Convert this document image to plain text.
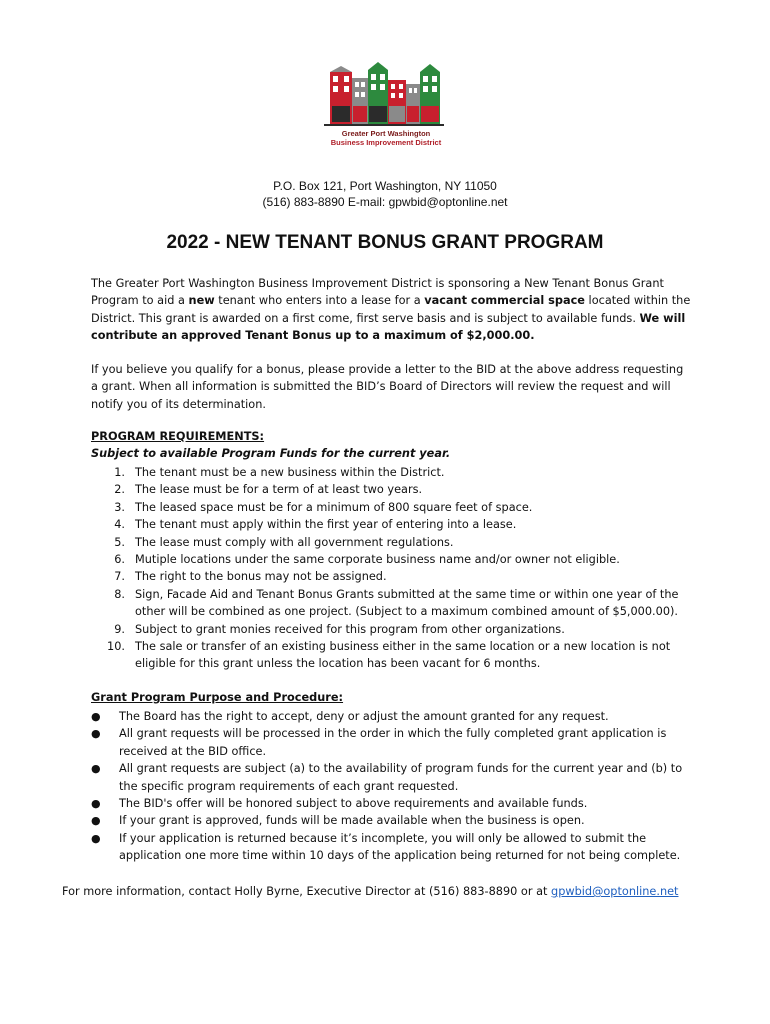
Greater Port Washington
Business Improvement District
P.O. Box 121, Port Washington, NY 11050
(516) 883-8890 E-mail: gpwbid@optonline.net
2022 - NEW TENANT BONUS GRANT PROGRAM
The Greater Port Washington Business Improvement District is sponsoring a New Tenant Bonus Grant
Program to aid a new tenant who enters into a lease for a vacant commercial space located within the
District. This grant is awarded on a first come, first serve basis and is subject to available funds. We will
contribute an approved Tenant Bonus up to a maximum of $2,000.00.
If you believe you qualify for a bonus, please provide a letter to the BID at the above address requesting
a grant. When all information is submitted the BID’s Board of Directors will review the request and will
notify you of its determination.
PROGRAM REQUIREMENTS:
Subject to available Program Funds for the current year.
1. The tenant must be a new business within the District.
2. The lease must be for a term of at least two years.
3. The leased space must be for a minimum of 800 square feet of space.
4. The tenant must apply within the first year of entering into a lease.
5. The lease must comply with all government regulations.
6. Mutiple locations under the same corporate business name and/or owner not eligible.
7. The right to the bonus may not be assigned.
8. Sign, Facade Aid and Tenant Bonus Grants submitted at the same time or within one year of the other will be combined as one project. (Subject to a maximum combined amount of $5,000.00).
9. Subject to grant monies received for this program from other organizations.
10. The sale or transfer of an existing business either in the same location or a new location is not eligible for this grant unless the location has been vacant for 6 months.
Grant Program Purpose and Procedure:
● The Board has the right to accept, deny or adjust the amount granted for any request.
● All grant requests will be processed in the order in which the fully completed grant application is received at the BID office.
● All grant requests are subject (a) to the availability of program funds for the current year and (b) to the specific program requirements of each grant requested.
● The BID's offer will be honored subject to above requirements and available funds.
● If your grant is approved, funds will be made available when the business is open.
● If your application is returned because it’s incomplete, you will only be allowed to submit the application one more time within 10 days of the application being returned for not being complete.
For more information, contact Holly Byrne, Executive Director at (516) 883-8890 or at gpwbid@optonline.net
